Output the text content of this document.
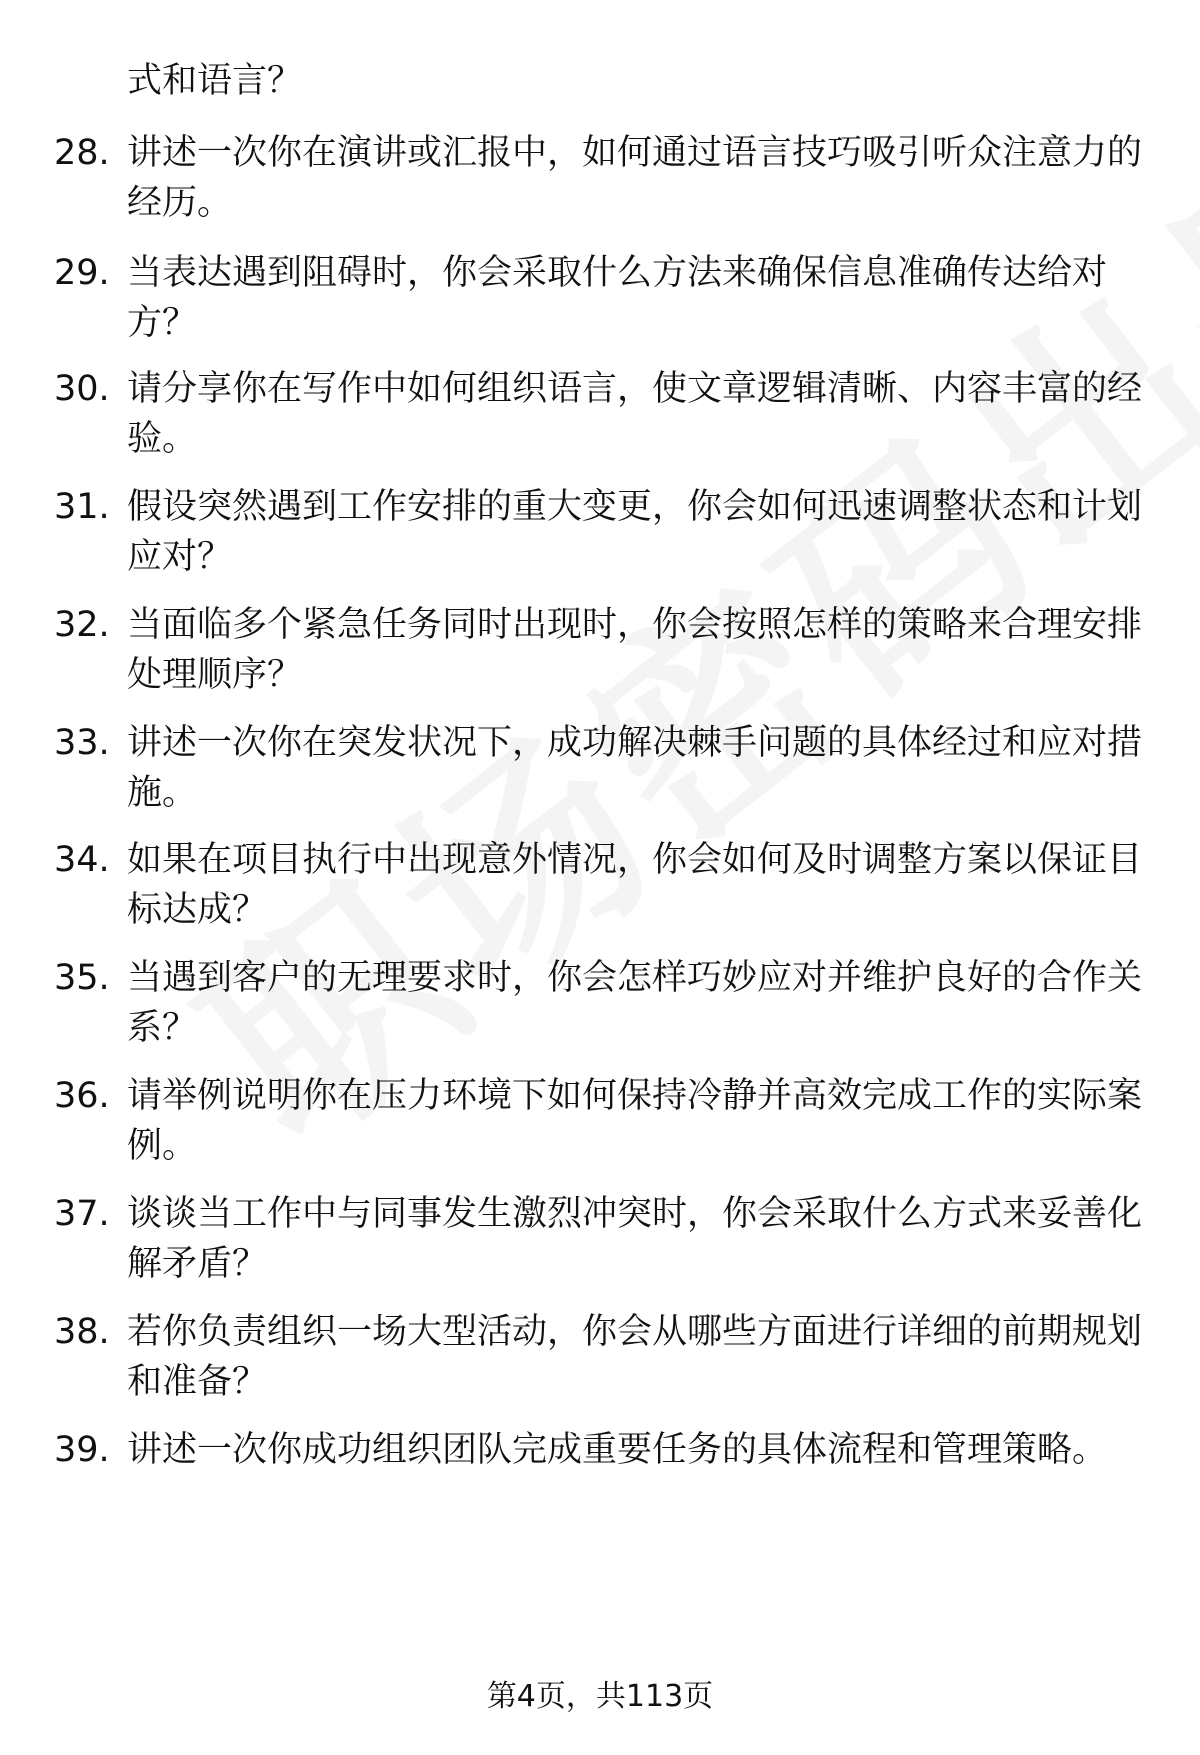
式和语言？
28. 讲述一次你在演讲或汇报中，如何通过语言技巧吸引听众注意力的经历。
29. 当表达遇到阻碍时，你会采取什么方法来确保信息准确传达给对方？
30. 请分享你在写作中如何组织语言，使文章逻辑清晰、内容丰富的经验。
31. 假设突然遇到工作安排的重大变更，你会如何迅速调整状态和计划应对？
32. 当面临多个紧急任务同时出现时，你会按照怎样的策略来合理安排处理顺序？
33. 讲述一次你在突发状况下，成功解决棘手问题的具体经过和应对措施。
34. 如果在项目执行中出现意外情况，你会如何及时调整方案以保证目标达成？
35. 当遇到客户的无理要求时，你会怎样巧妙应对并维护良好的合作关系？
36. 请举例说明你在压力环境下如何保持冷静并高效完成工作的实际案例。
37. 谈谈当工作中与同事发生激烈冲突时，你会采取什么方式来妥善化解矛盾？
38. 若你负责组织一场大型活动，你会从哪些方面进行详细的前期规划和准备？
39. 讲述一次你成功组织团队完成重要任务的具体流程和管理策略。
第4页，共113页
